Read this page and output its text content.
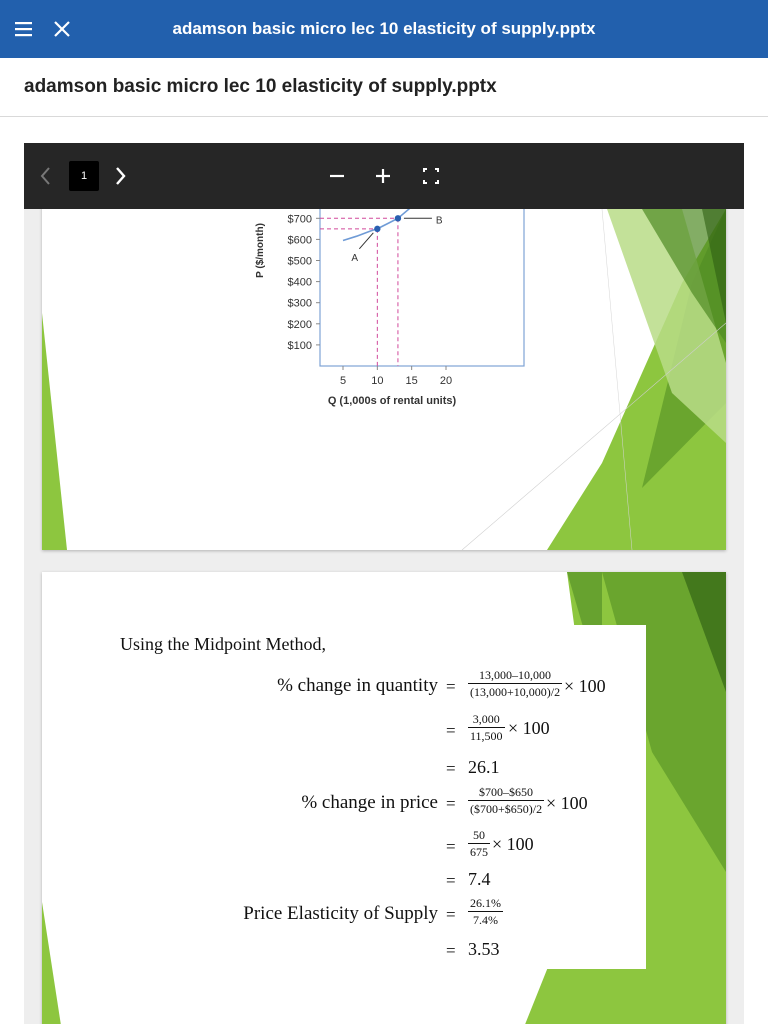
adamson basic micro lec 10 elasticity of supply.pptx
adamson basic micro lec 10 elasticity of supply.pptx
1
$700
$600
$500
$400
$300
$200
$100
5 10 15 20
P ($/month)
Q (1,000s of rental units)
A
B
Using the Midpoint Method,
% change in quantity = $\frac{13,000-10,000}{(13,000+10,000)/2} \times 100$
= $\frac{3,000}{11,500} \times 100$
= 26.1
% change in price = $\frac{\$700-\$650}{(\$700+\$650)/2} \times 100$
= $\frac{50}{675} \times 100$
= 7.4
Price Elasticity of Supply = $\frac{26.1\%}{7.4\%}$
= 3.53
